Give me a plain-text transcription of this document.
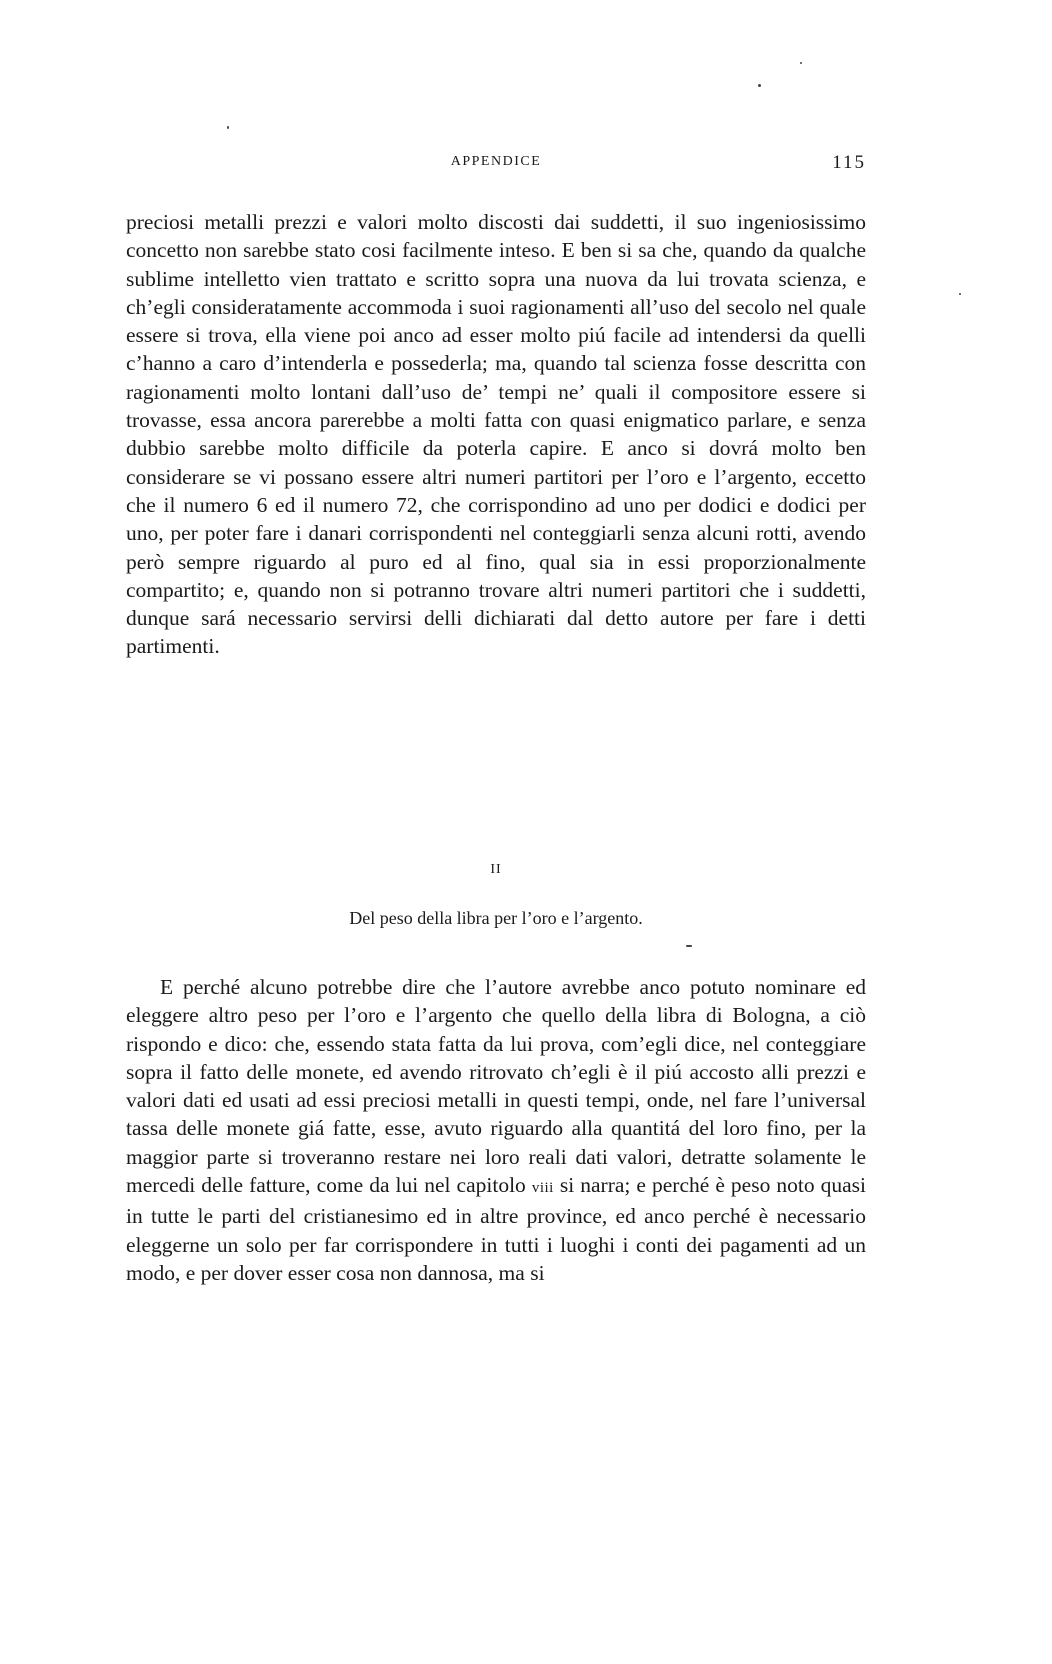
APPENDICE	115

preciosi metalli prezzi e valori molto discosti dai suddetti, il suo ingeniosissimo concetto non sarebbe stato cosi facilmente inteso. E ben si sa che, quando da qualche sublime intelletto vien trattato e scritto sopra una nuova da lui trovata scienza, e ch’egli consideratamente accommoda i suoi ragionamenti all’uso del secolo nel quale essere si trova, ella viene poi anco ad esser molto piú facile ad intendersi da quelli c’hanno a caro d’intenderla e possederla; ma, quando tal scienza fosse descritta con ragionamenti molto lontani dall’uso de’ tempi ne’ quali il compositore essere si trovasse, essa ancora parerebbe a molti fatta con quasi enigmatico parlare, e senza dubbio sarebbe molto difficile da poterla capire. E anco si dovrá molto ben considerare se vi possano essere altri numeri partitori per l’oro e l’argento, eccetto che il numero 6 ed il numero 72, che corrispondino ad uno per dodici e dodici per uno, per poter fare i danari corrispondenti nel conteggiarli senza alcuni rotti, avendo però sempre riguardo al puro ed al fino, qual sia in essi proporzionalmente compartito; e, quando non si potranno trovare altri numeri partitori che i suddetti, dunque sará necessario servirsi delli dichiarati dal detto autore per fare i detti partimenti.

II
Del peso della libra per l’oro e l’argento.

E perché alcuno potrebbe dire che l’autore avrebbe anco potuto nominare ed eleggere altro peso per l’oro e l’argento che quello della libra di Bologna, a ciò rispondo e dico: che, essendo stata fatta da lui prova, com’egli dice, nel conteggiare sopra il fatto delle monete, ed avendo ritrovato ch’egli è il piú accosto alli prezzi e valori dati ed usati ad essi preciosi metalli in questi tempi, onde, nel fare l’universal tassa delle monete giá fatte, esse, avuto riguardo alla quantitá del loro fino, per la maggior parte si troveranno restare nei loro reali dati valori, detratte solamente le mercedi delle fatture, come da lui nel capitolo viii si narra; e perché è peso noto quasi in tutte le parti del cristianesimo ed in altre province, ed anco perché è necessario eleggerne un solo per far corrispondere in tutti i luoghi i conti dei pagamenti ad un modo, e per dover esser cosa non dannosa, ma si
